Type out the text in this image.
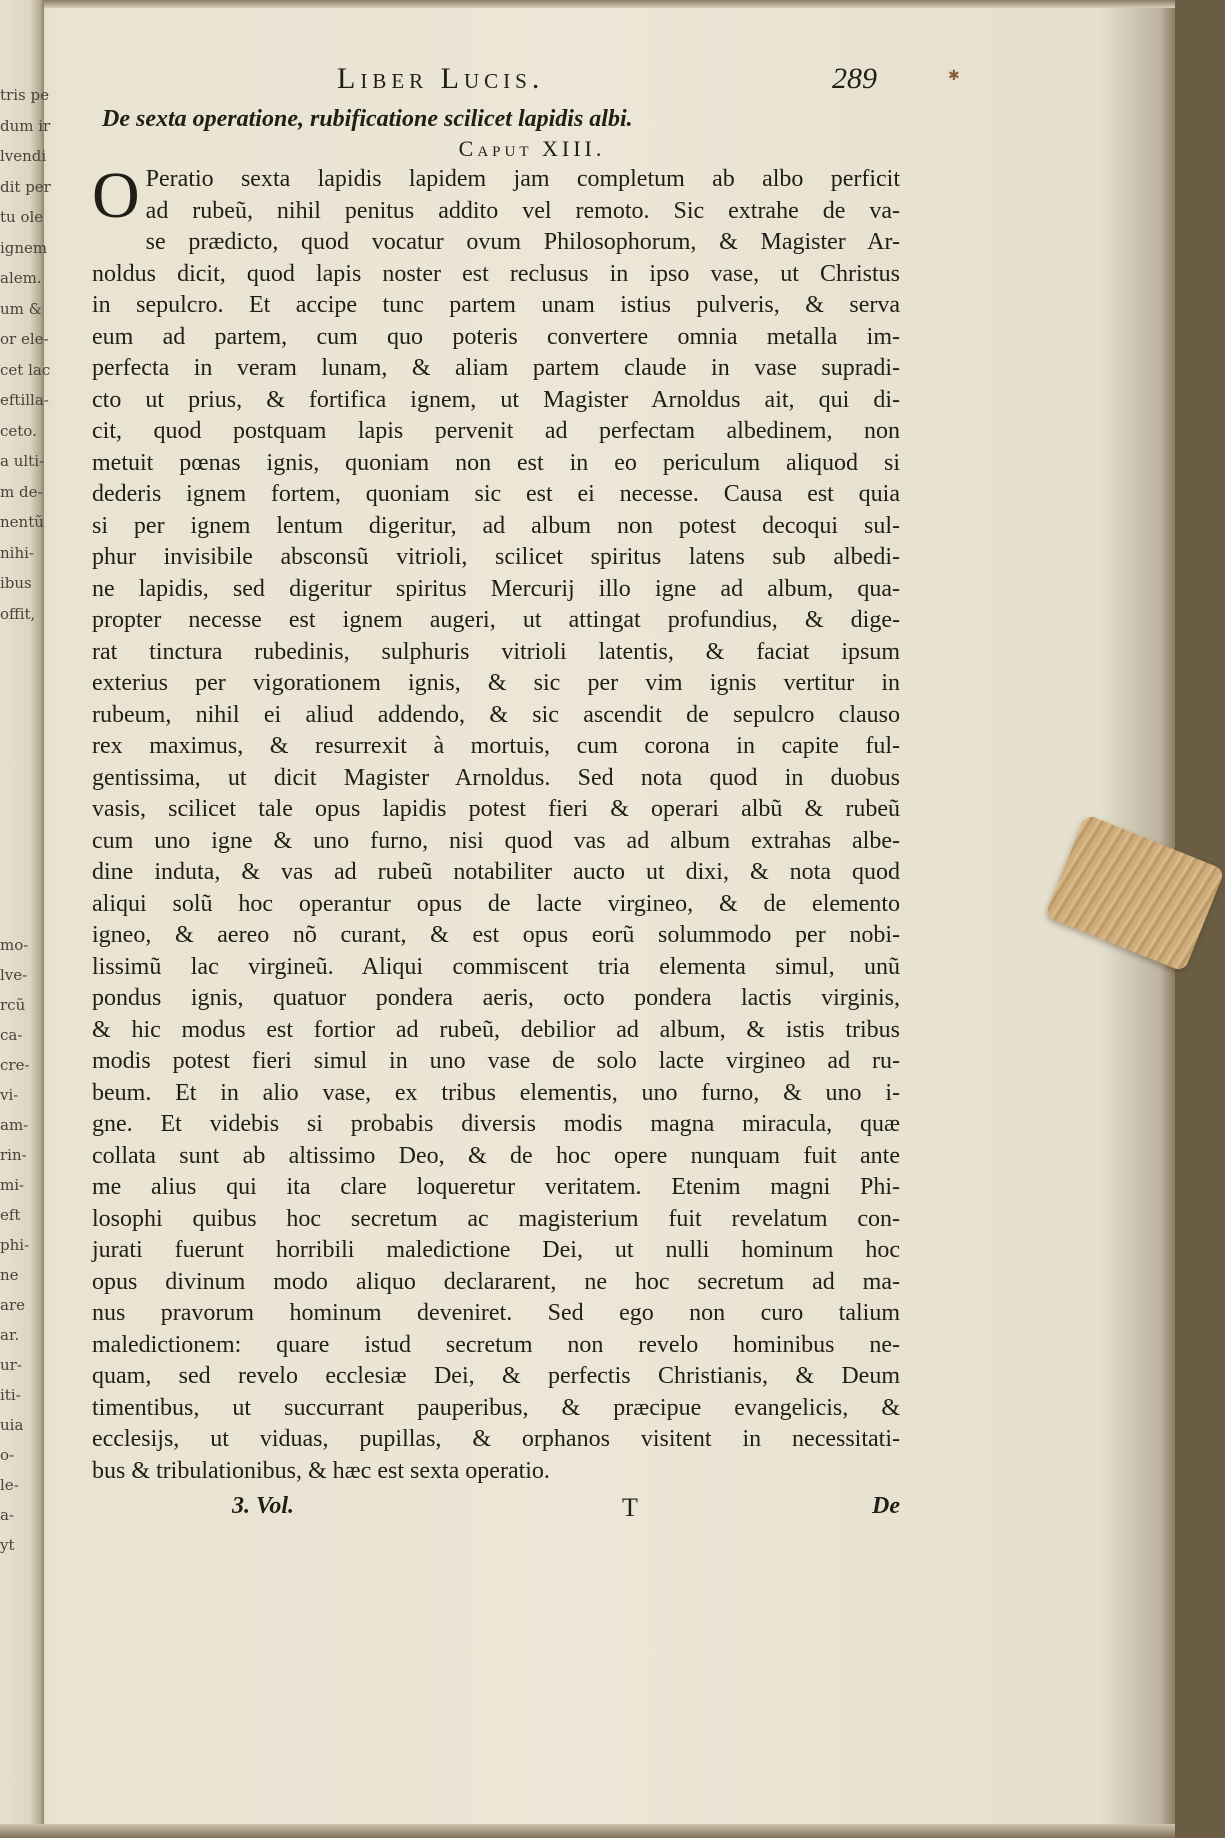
tris pe
dum ir
lvendi
dit per
tu ole
ignem
alem.
um &
or ele-
cet lac
eftilla-
ceto.
a ulti-
m de-
nentũ
nihi-
ibus
offit,
mo-
lve-
rcũ
ca-
cre-
vi-
am-
rin-
mi-
eft
phi-
ne
are
ar.
ur-
iti-
uia
o-
le-
a-
yt
Liber Lucis.	289	✱
De sexta operatione, rubificatione scilicet lapidis albi.
Caput XIII.
O Peratio sexta lapidis lapidem jam completum ab albo perficit
ad rubeũ, nihil penitus addito vel remoto. Sic extrahe de va-
se prædicto, quod vocatur ovum Philosophorum, & Magister Ar-
noldus dicit, quod lapis noster est reclusus in ipso vase, ut Christus
in sepulcro. Et accipe tunc partem unam istius pulveris, & serva
eum ad partem, cum quo poteris convertere omnia metalla im-
perfecta in veram lunam, & aliam partem claude in vase supradi-
cto ut prius, & fortifica ignem, ut Magister Arnoldus ait, qui di-
cit, quod postquam lapis pervenit ad perfectam albedinem, non
metuit pœnas ignis, quoniam non est in eo periculum aliquod si
dederis ignem fortem, quoniam sic est ei necesse. Causa est quia
si per ignem lentum digeritur, ad album non potest decoqui sul-
phur invisibile absconsũ vitrioli, scilicet spiritus latens sub albedi-
ne lapidis, sed digeritur spiritus Mercurij illo igne ad album, qua-
propter necesse est ignem augeri, ut attingat profundius, & dige-
rat tinctura rubedinis, sulphuris vitrioli latentis, & faciat ipsum
exterius per vigorationem ignis, & sic per vim ignis vertitur in
rubeum, nihil ei aliud addendo, & sic ascendit de sepulcro clauso
rex maximus, & resurrexit à mortuis, cum corona in capite ful-
gentissima, ut dicit Magister Arnoldus. Sed nota quod in duobus
vasis, scilicet tale opus lapidis potest fieri & operari albũ & rubeũ
cum uno igne & uno furno, nisi quod vas ad album extrahas albe-
dine induta, & vas ad rubeũ notabiliter aucto ut dixi, & nota quod
aliqui solũ hoc operantur opus de lacte virgineo, & de elemento
igneo, & aereo nõ curant, & est opus eorũ solummodo per nobi-
lissimũ lac virgineũ. Aliqui commiscent tria elementa simul, unũ
pondus ignis, quatuor pondera aeris, octo pondera lactis virginis,
& hic modus est fortior ad rubeũ, debilior ad album, & istis tribus
modis potest fieri simul in uno vase de solo lacte virgineo ad ru-
beum. Et in alio vase, ex tribus elementis, uno furno, & uno i-
gne. Et videbis si probabis diversis modis magna miracula, quæ
collata sunt ab altissimo Deo, & de hoc opere nunquam fuit ante
me alius qui ita clare loqueretur veritatem. Etenim magni Phi-
losophi quibus hoc secretum ac magisterium fuit revelatum con-
jurati fuerunt horribili maledictione Dei, ut nulli hominum hoc
opus divinum modo aliquo declararent, ne hoc secretum ad ma-
nus pravorum hominum deveniret. Sed ego non curo talium
maledictionem: quare istud secretum non revelo hominibus ne-
quam, sed revelo ecclesiæ Dei, & perfectis Christianis, & Deum
timentibus, ut succurrant pauperibus, & præcipue evangelicis, &
ecclesijs, ut viduas, pupillas, & orphanos visitent in necessitati-
bus & tribulationibus, & hæc est sexta operatio.
3. Vol.	T	De
